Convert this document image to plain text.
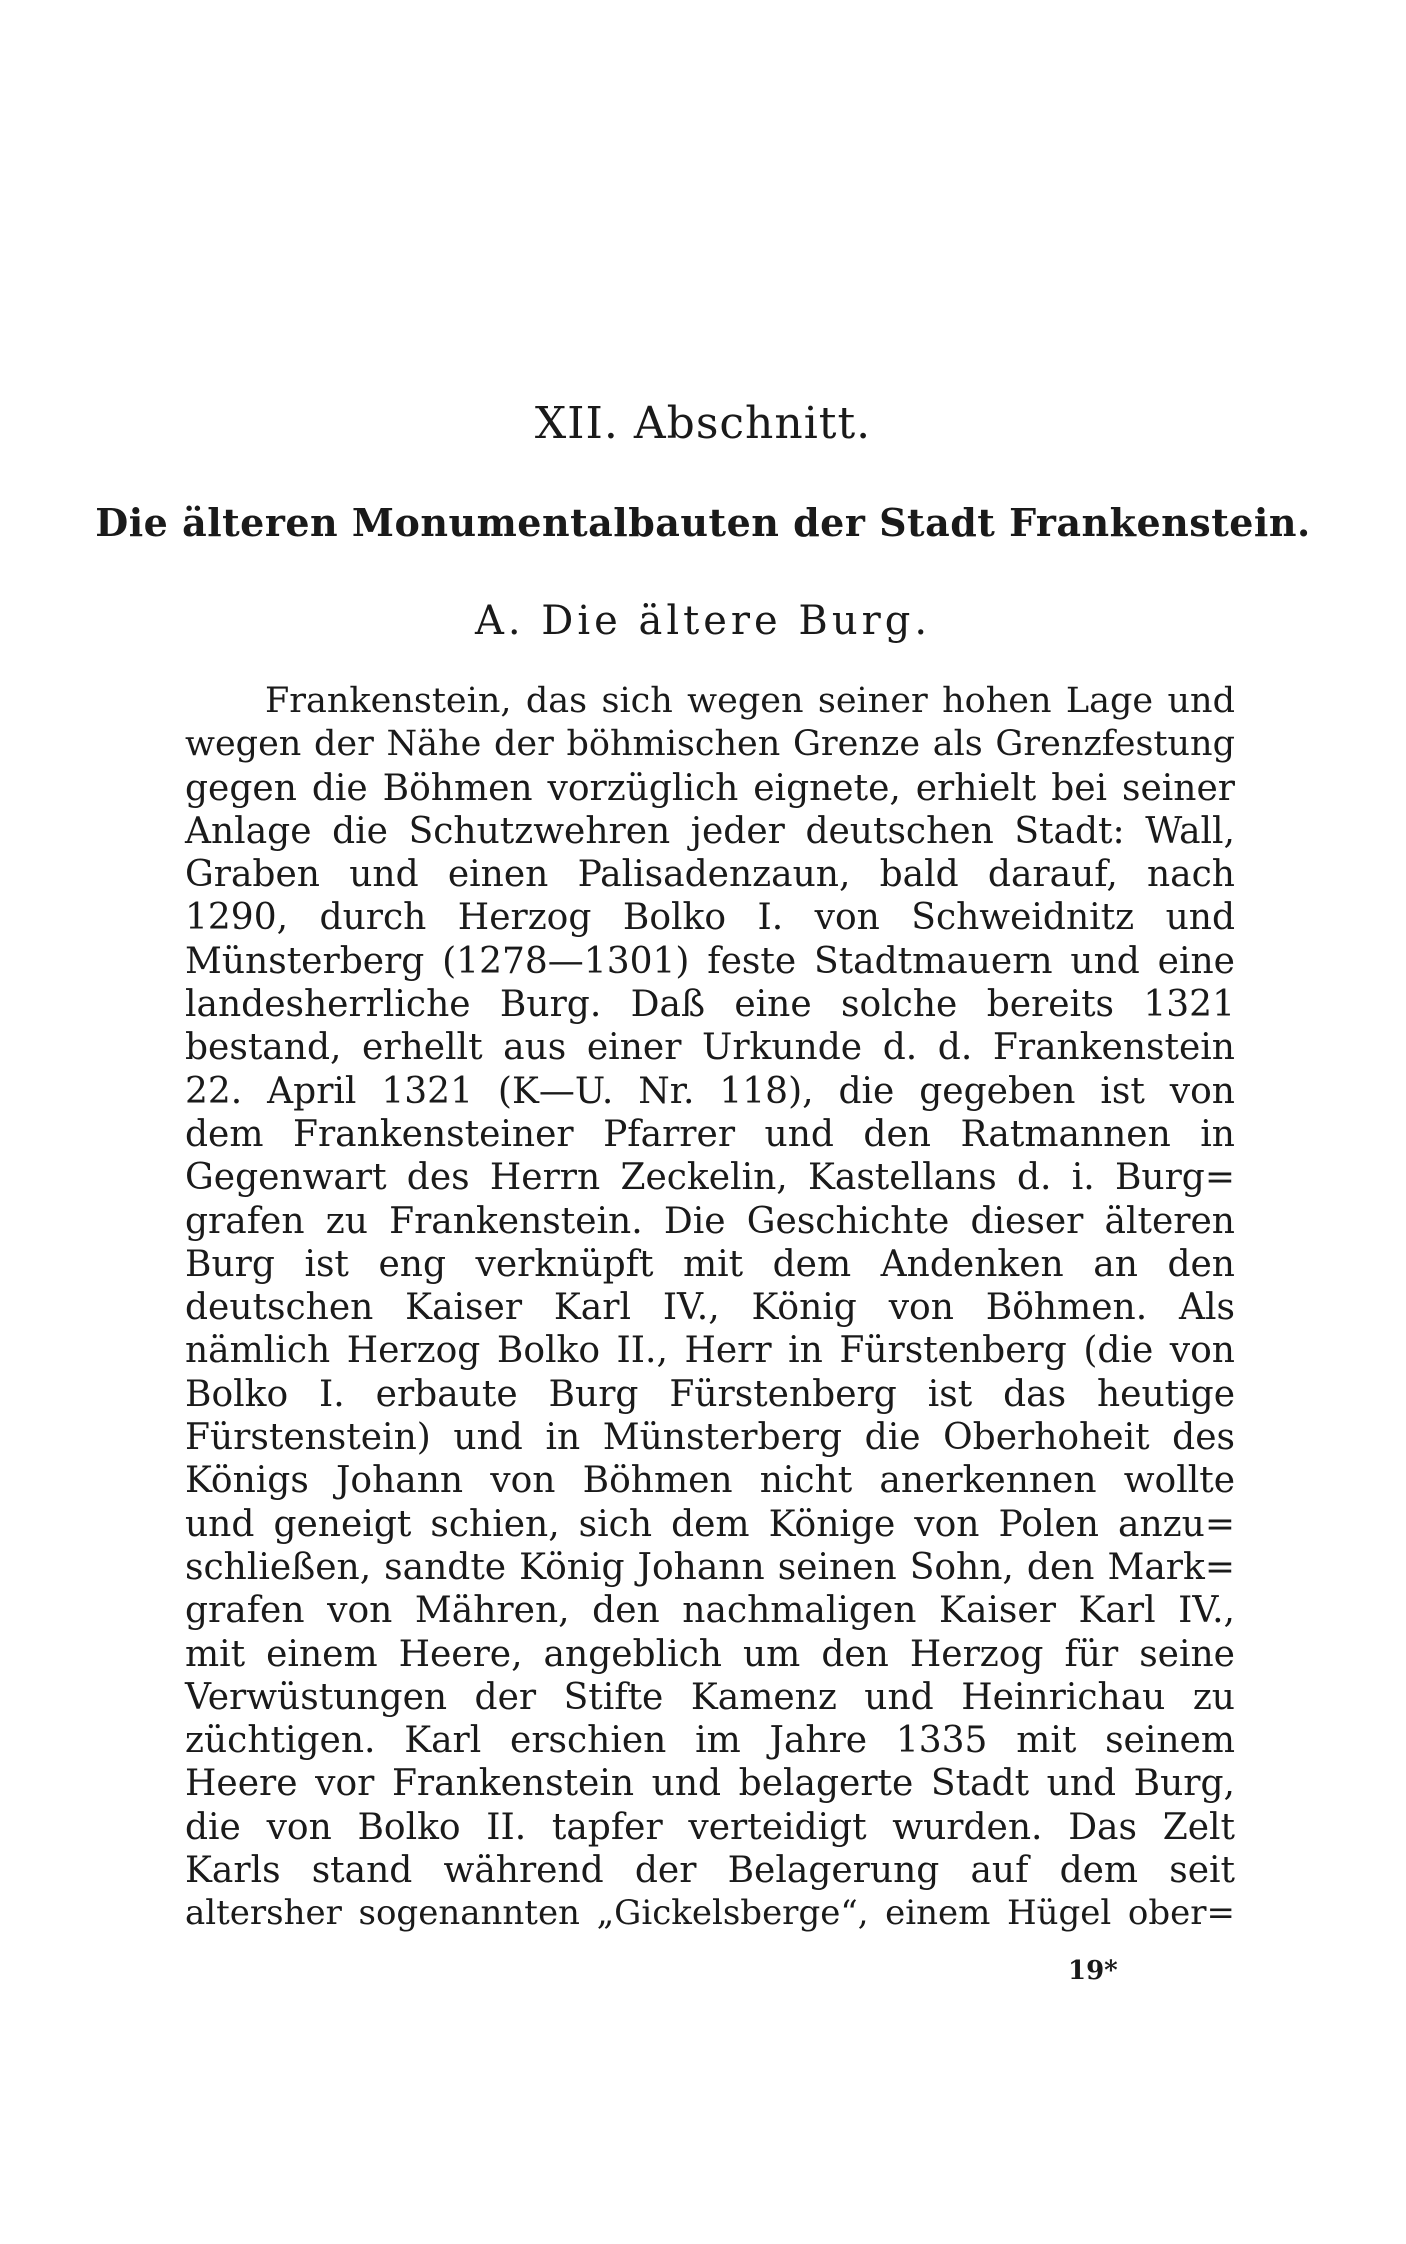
XII. Abschnitt.
Die älteren Monumentalbauten der Stadt Frankenstein.
A. Die ältere Burg.
Frankenstein, das sich wegen seiner hohen Lage und
wegen der Nähe der böhmischen Grenze als Grenzfestung
gegen die Böhmen vorzüglich eignete, erhielt bei seiner
Anlage die Schutzwehren jeder deutschen Stadt: Wall,
Graben und einen Palisadenzaun, bald darauf, nach
1290, durch Herzog Bolko I. von Schweidnitz und
Münsterberg (1278—1301) feste Stadtmauern und eine
landesherrliche Burg. Daß eine solche bereits 1321
bestand, erhellt aus einer Urkunde d. d. Frankenstein
22. April 1321 (K—U. Nr. 118), die gegeben ist von
dem Frankensteiner Pfarrer und den Ratmannen in
Gegenwart des Herrn Zeckelin, Kastellans d. i. Burg=
grafen zu Frankenstein. Die Geschichte dieser älteren
Burg ist eng verknüpft mit dem Andenken an den
deutschen Kaiser Karl IV., König von Böhmen. Als
nämlich Herzog Bolko II., Herr in Fürstenberg (die von
Bolko I. erbaute Burg Fürstenberg ist das heutige
Fürstenstein) und in Münsterberg die Oberhoheit des
Königs Johann von Böhmen nicht anerkennen wollte
und geneigt schien, sich dem Könige von Polen anzu=
schließen, sandte König Johann seinen Sohn, den Mark=
grafen von Mähren, den nachmaligen Kaiser Karl IV.,
mit einem Heere, angeblich um den Herzog für seine
Verwüstungen der Stifte Kamenz und Heinrichau zu
züchtigen. Karl erschien im Jahre 1335 mit seinem
Heere vor Frankenstein und belagerte Stadt und Burg,
die von Bolko II. tapfer verteidigt wurden. Das Zelt
Karls stand während der Belagerung auf dem seit
altersher sogenannten „Gickelsberge“, einem Hügel ober=
19*
